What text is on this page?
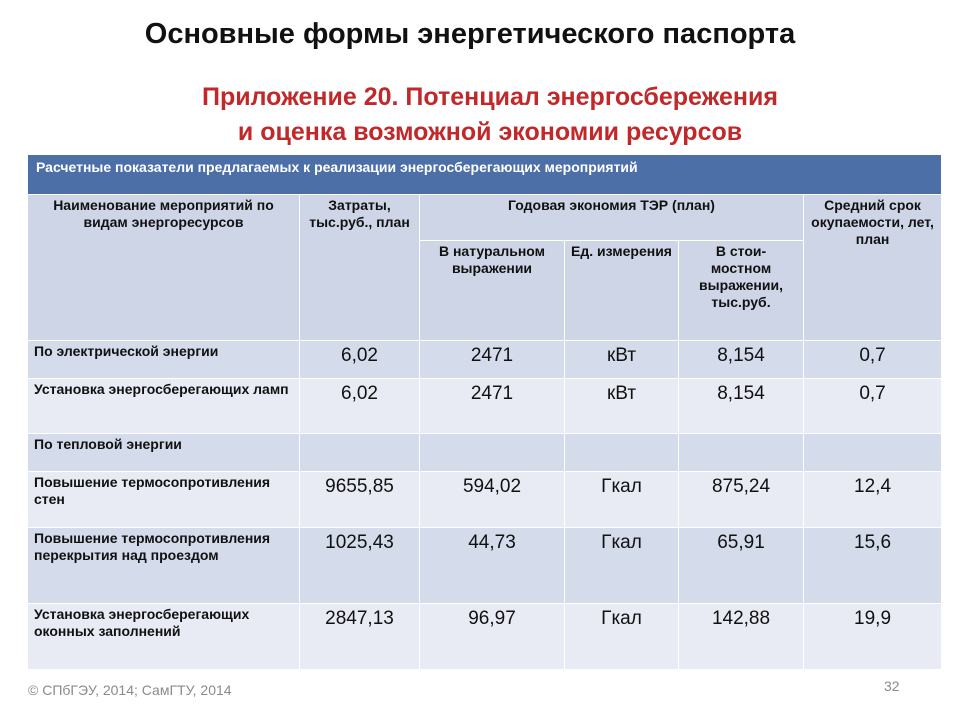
Основные формы энергетического паспорта
Приложение 20. Потенциал энергосбережения
и оценка возможной экономии ресурсов
Расчетные показатели предлагаемых к реализации энергосберегающих мероприятий					
Наименование мероприятий по видам энергоресурсов	Затраты, тыс.руб., план	Годовая экономия ТЭР (план)			Средний срок окупаемости, лет, план
		В натуральном выражении	Ед. измерения	В стои- мостном выражении, тыс.руб.	
По электрической энергии	6,02	2471	кВт	8,154	0,7
Установка энергосберегающих ламп	6,02	2471	кВт	8,154	0,7
По тепловой энергии					
Повышение термосопротивления стен	9655,85	594,02	Гкал	875,24	12,4
Повышение термосопротивления перекрытия над проездом	1025,43	44,73	Гкал	65,91	15,6
Установка энергосберегающих оконных заполнений	2847,13	96,97	Гкал	142,88	19,9
© СПбГЭУ, 2014; СамГТУ, 2014	32
